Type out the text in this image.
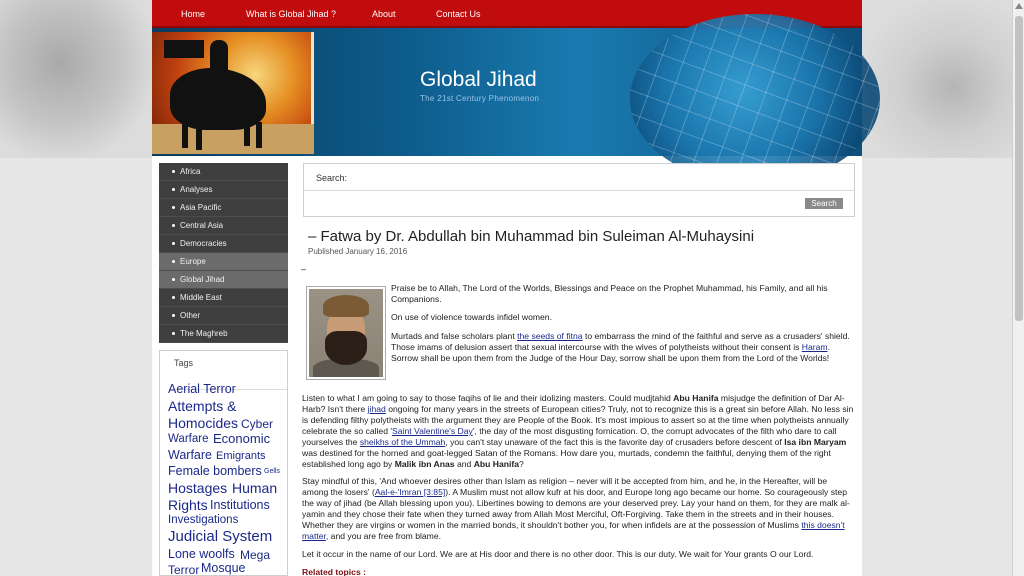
Home	What is Global Jihad ?	About	Contact Us
Global Jihad
The 21st Century Phenomenon
Africa
Analyses
Asia Pacific
Central Asia
Democracies
Europe
Global Jihad
Middle East
Other
The Maghreb
Tags
Aerial Terror
Attempts &
Homocides Cyber
Warfare Economic
Warfare Emigrants
Female bombers Gells
Hostages Human
Rights Institutions
Investigations
Judicial System
Lone woolfs Mega
Terror Mosque
Search:
Search
– Fatwa by Dr. Abdullah bin Muhammad bin Suleiman Al-Muhaysini
Published January 16, 2016
–

Praise be to Allah, The Lord of the Worlds, Blessings and Peace on the Prophet Muhammad, his Family, and all his Companions.

On use of violence towards infidel women.

Murtads and false scholars plant the seeds of fitna to embarrass the mind of the faithful and serve as a crusaders' shield. Those imams of delusion assert that sexual intercourse with the wives of polytheists without their consent is Haram. Sorrow shall be upon them from the Judge of the Hour Day, sorrow shall be upon them from the Lord of the Worlds!

Listen to what I am going to say to those faqihs of lie and their idolizing masters. Could mudjtahid Abu Hanifa misjudge the definition of Dar Al-Harb? Isn't there jihad ongoing for many years in the streets of European cities? Truly, not to recognize this is a great sin before Allah. No less sin is defending filthy polytheists with the argument they are People of the Book. It's most impious to assert so at the time when polytheists annually celebrate the so called 'Saint Valentine's Day', the day of the most disgusting fornication. O, the corrupt advocates of the filth who dare to call yourselves the sheikhs of the Ummah, you can't stay unaware of the fact this is the favorite day of crusaders before descent of Isa ibn Maryam was destined for the horned and goat-legged Satan of the Romans. How dare you, murtads, condemn the faithful, denying them of the right established long ago by Malik ibn Anas and Abu Hanifa?

Stay mindful of this, 'And whoever desires other than Islam as religion – never will it be accepted from him, and he, in the Hereafter, will be among the losers' (Aal-e-'Imran [3:85]). A Muslim must not allow kufr at his door, and Europe long ago became our home. So courageously step the way of jihad (be Allah blessing upon you). Libertines bowing to demons are your deserved prey. Lay your hand on them, for they are malk al-yamin and they chose their fate when they turned away from Allah Most Merciful, Oft-Forgiving. Take them in the streets and in their houses. Whether they are virgins or women in the married bonds, it shouldn't bother you, for when infidels are at the possession of Muslims this doesn't matter, and you are free from blame.

Let it occur in the name of our Lord. We are at His door and there is no other door. This is our duty. We wait for Your grants O our Lord.

Related topics :
